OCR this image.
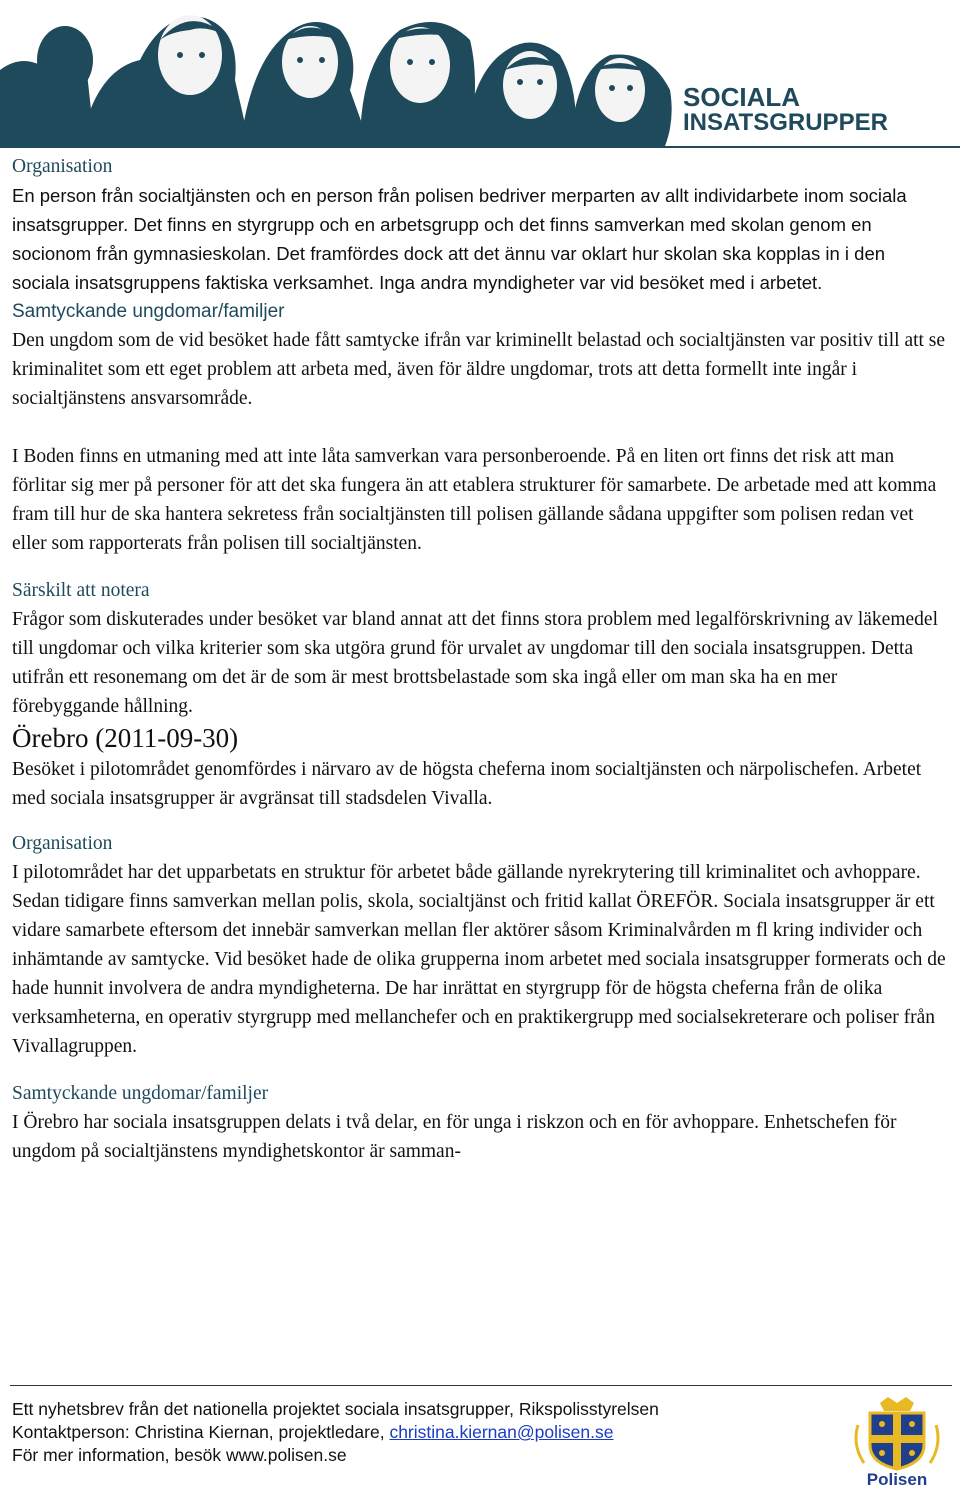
SOCIALA
INSATSGRUPPER

Organisation

En person från socialtjänsten och en person från polisen bedriver merparten av allt individarbete inom sociala insatsgrupper. Det finns en styrgrupp och en arbetsgrupp och det finns samverkan med skolan genom en socionom från gymnasieskolan. Det framfördes dock att det ännu var oklart hur skolan ska kopplas in i den sociala insatsgruppens faktiska verksamhet. Inga andra myndigheter var vid besöket med i arbetet.

Samtyckande ungdomar/familjer

Den ungdom som de vid besöket hade fått samtycke ifrån var kriminellt belastad och socialtjänsten var positiv till att se kriminalitet som ett eget problem att arbeta med, även för äldre ungdomar, trots att detta formellt inte ingår i socialtjänstens ansvarsområde.

I Boden finns en utmaning med att inte låta samverkan vara personberoende. På en liten ort finns det risk att man förlitar sig mer på personer för att det ska fungera än att etablera strukturer för samarbete. De arbetade med att komma fram till hur de ska hantera sekretess från socialtjänsten till polisen gällande sådana uppgifter som polisen redan vet eller som rapporterats från polisen till socialtjänsten.

Särskilt att notera

Frågor som diskuterades under besöket var bland annat att det finns stora problem med legalförskrivning av läkemedel till ungdomar och vilka kriterier som ska utgöra grund för urvalet av ungdomar till den sociala insatsgruppen. Detta utifrån ett resonemang om det är de som är mest brottsbelastade som ska ingå eller om man ska ha en mer förebyggande hållning.

Örebro (2011-09-30)

Besöket i pilotområdet genomfördes i närvaro av de högsta cheferna inom socialtjänsten och närpolischefen. Arbetet med sociala insatsgrupper är avgränsat till stadsdelen Vivalla.

Organisation

I pilotområdet har det upparbetats en struktur för arbetet både gällande nyrekrytering till kriminalitet och avhoppare. Sedan tidigare finns samverkan mellan polis, skola, socialtjänst och fritid kallat ÖREFÖR. Sociala insatsgrupper är ett vidare samarbete eftersom det innebär samverkan mellan fler aktörer såsom Kriminalvården m fl kring individer och inhämtande av samtycke. Vid besöket hade de olika grupperna inom arbetet med sociala insatsgrupper formerats och de hade hunnit involvera de andra myndigheterna. De har inrättat en styrgrupp för de högsta cheferna från de olika verksamheterna, en operativ styrgrupp med mellanchefer och en praktikergrupp med socialsekreterare och poliser från Vivallagruppen.

Samtyckande ungdomar/familjer

I Örebro har sociala insatsgruppen delats i två delar, en för unga i riskzon och en för avhoppare. Enhetschefen för ungdom på socialtjänstens myndighetskontor är samman-

Ett nyhetsbrev från det nationella projektet sociala insatsgrupper, Rikspolisstyrelsen
Kontaktperson: Christina Kiernan, projektledare, christina.kiernan@polisen.se
För mer information, besök www.polisen.se
Polisen
